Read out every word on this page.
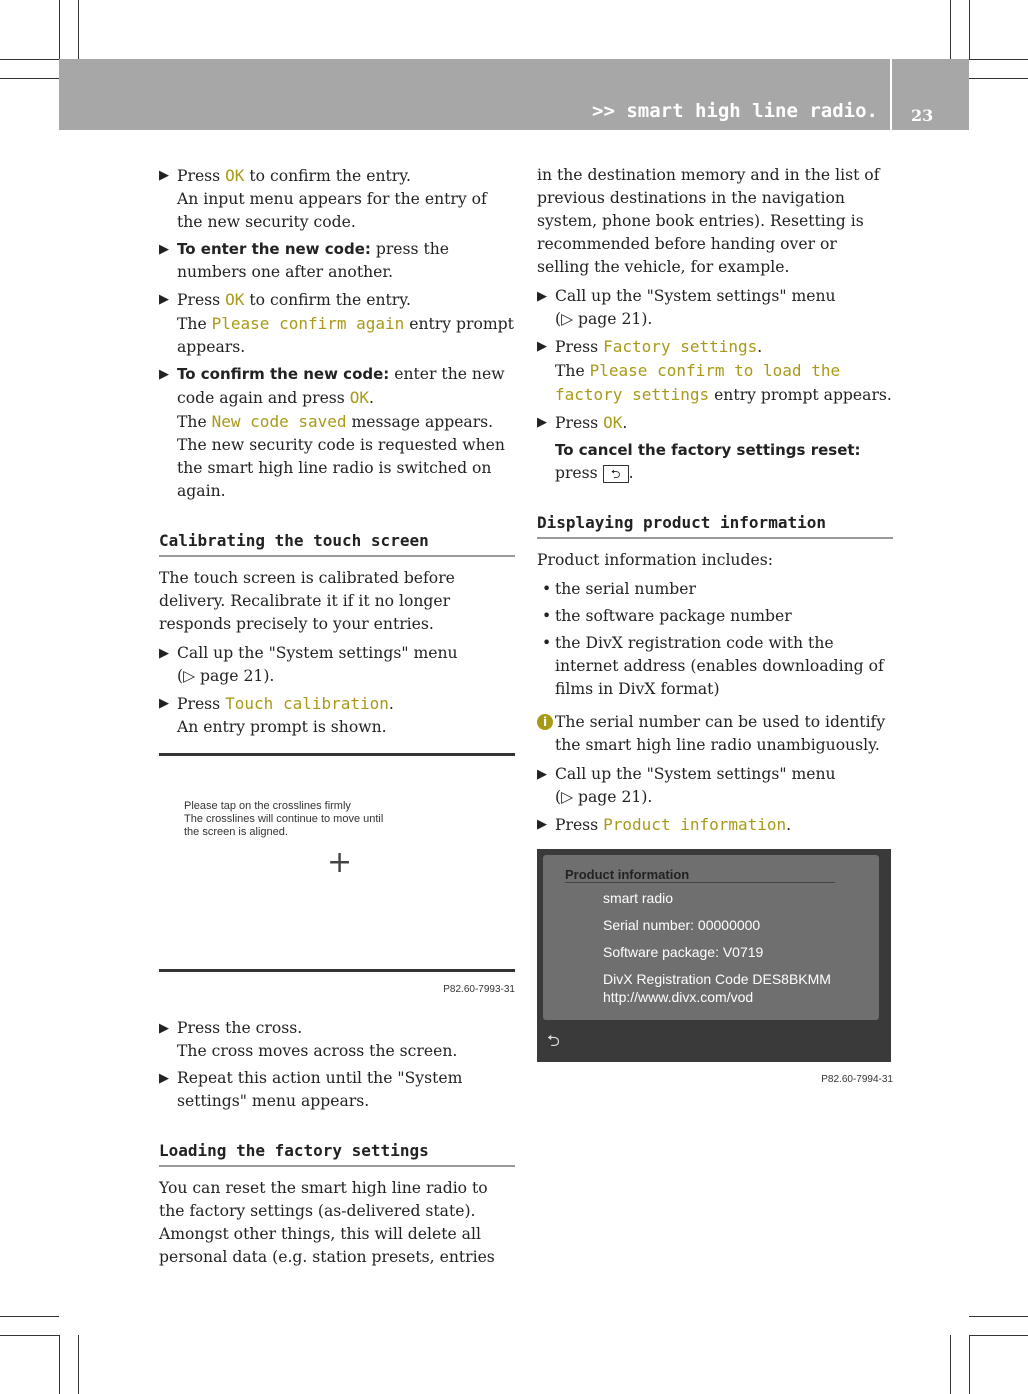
>> smart high line radio. 23
▶ Press OK to confirm the entry.

An input menu appears for the entry of the new security code.

▶ To enter the new code: press the numbers one after another.

▶ Press OK to confirm the entry.

The Please confirm again entry prompt appears.

▶ To confirm the new code: enter the new code again and press OK.

The New code saved message appears.

The new security code is requested when the smart high line radio is switched on again.

Calibrating the touch screen

The touch screen is calibrated before delivery. Recalibrate it if it no longer responds precisely to your entries.

▶ Call up the "System settings" menu

(▷ page 21).

▶ Press Touch calibration.

An entry prompt is shown.

Please tap on the crosslines firmly
The crosslines will continue to move until
the screen is aligned.
+
P82.60-7993-31
▶ Press the cross.

The cross moves across the screen.

▶ Repeat this action until the "System settings" menu appears.

Loading the factory settings

You can reset the smart high line radio to the factory settings (as-delivered state). Amongst other things, this will delete all personal data (e.g. station presets, entries

in the destination memory and in the list of previous destinations in the navigation system, phone book entries). Resetting is recommended before handing over or selling the vehicle, for example.

▶ Call up the "System settings" menu

(▷ page 21).

▶ Press Factory settings.

The Please confirm to load the factory settings entry prompt appears.

▶ Press OK.

To cancel the factory settings reset:

press ⮌ .

Displaying product information

Product information includes:

• the serial number

• the software package number

• the DivX registration code with the internet address (enables downloading of films in DivX format)

i The serial number can be used to identify the smart high line radio unambiguously.

▶ Call up the "System settings" menu

(▷ page 21).

▶ Press Product information.

Product information
smart radio
Serial number: 00000000
Software package: V0719
DivX Registration Code DES8BKMM
http://www.divx.com/vod
⮌
P82.60-7994-31
